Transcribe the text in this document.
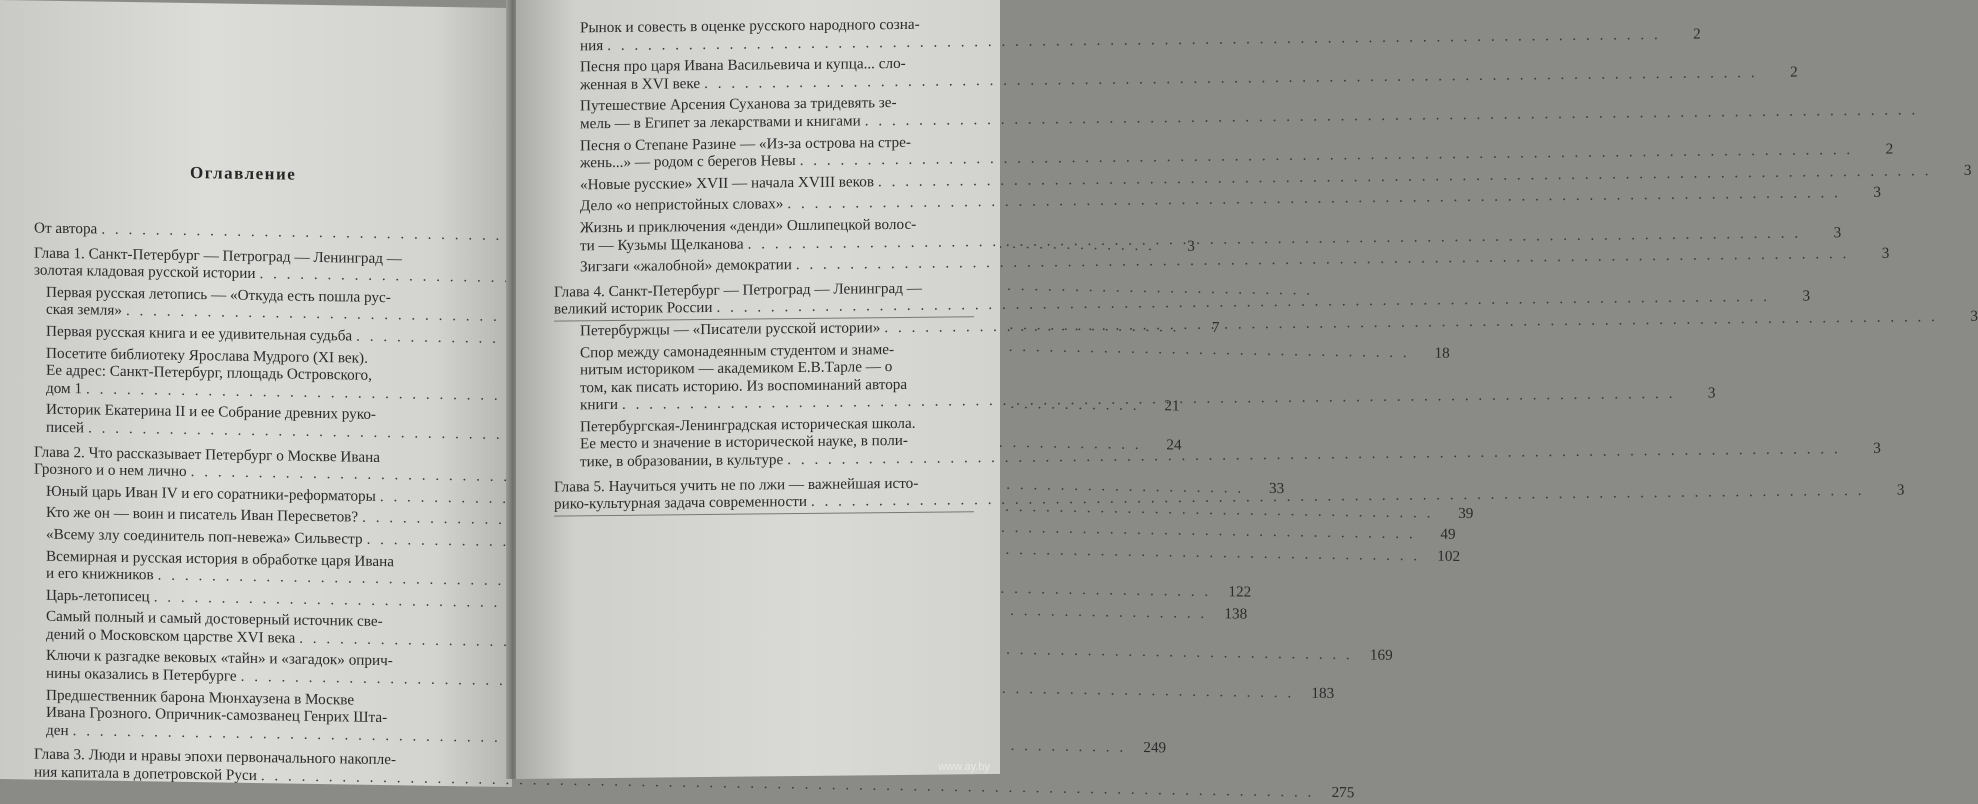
Оглавление
От автора
. . .
3
Глава 1. Санкт-Петербург — Петроград — Ленинград —
золотая кладовая русской истории
. . .
Первая русская летопись — «Откуда есть пошла рус-
ская земля»
. . .
7
Первая русская книга и ее удивительная судьба
. . .
18
Посетите библиотеку Ярослава Мудрого (XI век).
Ее адрес: Санкт-Петербург, площадь Островского,
дом 1
. . .
21
Историк Екатерина II и ее Собрание древних руко-
писей
. . .
24
Глава 2. Что рассказывает Петербург о Москве Ивана
Грозного и о нем лично
. . .
33
Юный царь Иван IV и его соратники-реформаторы
. . .
39
Кто же он — воин и писатель Иван Пересветов?
. . .
49
«Всему злу соединитель поп-невежа» Сильвестр
. . .
102
Всемирная и русская история в обработке царя Ивана
и его книжников
. . .
122
Царь-летописец
. . .
138
Самый полный и самый достоверный источник све-
дений о Московском царстве XVI века
. . .
169
Ключи к разгадке вековых «тайн» и «загадок» оприч-
нины оказались в Петербурге
. . .
183
Предшественник барона Мюнхаузена в Москве
Ивана Грозного. Опричник-самозванец Генрих Шта-
ден
. . .
249
Глава 3. Люди и нравы эпохи первоначального накопле-
ния капитала в допетровской Руси
. . .
275
Рынок и совесть в оценке русского народного созна-
ния
. . .
2
Песня про царя Ивана Васильевича и купца... сло-
женная в XVI веке
. . .
2
Путешествие Арсения Суханова за тридевять зе-
мель — в Египет за лекарствами и книгами
. . .
Песня о Степане Разине — «Из-за острова на стре-
жень...» — родом с берегов Невы
. . .
2
«Новые русские» XVII — начала XVIII веков
. . .
3
Дело «о непристойных словах»
. . .
3
Жизнь и приключения «денди» Ошлипецкой волос-
ти — Кузьмы Щелканова
. . .
3
Зигзаги «жалобной» демократии
. . .
3
Глава 4. Санкт-Петербург — Петроград — Ленинград —
великий историк России
. . .
3
Петербуржцы — «Писатели русской истории»
. . .
3
Спор между самонадеянным студентом и знаме-
нитым историком — академиком Е.В.Тарле — о
том, как писать историю. Из воспоминаний автора
книги
. . .
3
Петербургская-Ленинградская историческая школа.
Ее место и значение в исторической науке, в поли-
тике, в образовании, в культуре
. . .
3
Глава 5. Научиться учить не по лжи — важнейшая исто-
рико-культурная задача современности
. . .
3
www.ay.by
